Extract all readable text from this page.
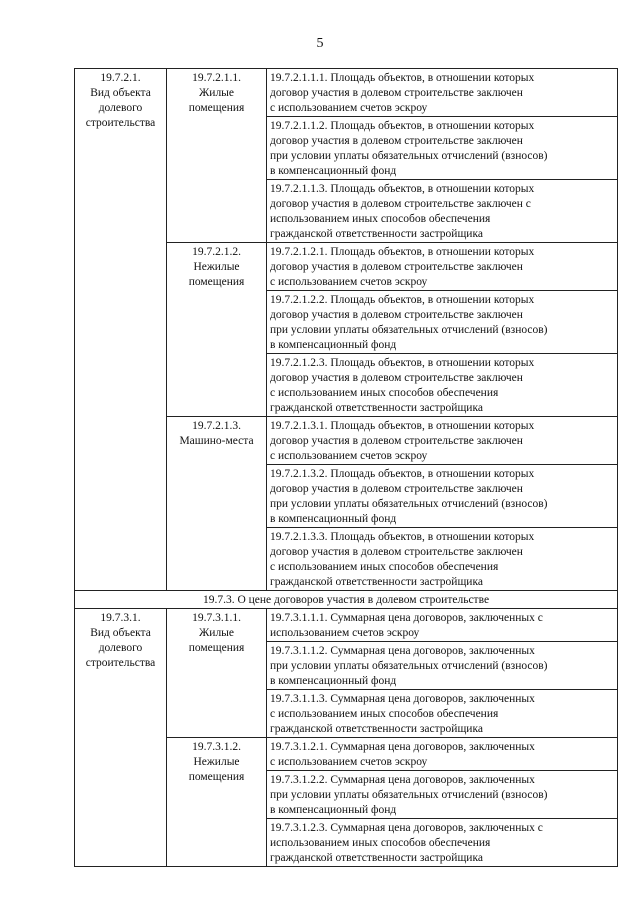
5
19.7.2.1.
Вид объекта
долевого
строительства	19.7.2.1.1.
Жилые
помещения	19.7.2.1.1.1. Площадь объектов, в отношении которых
договор участия в долевом строительстве заключен
с использованием счетов эскроу

		19.7.2.1.1.2. Площадь объектов, в отношении которых
договор участия в долевом строительстве заключен
при условии уплаты обязательных отчислений (взносов)
в компенсационный фонд

		19.7.2.1.1.3. Площадь объектов, в отношении которых
договор участия в долевом строительстве заключен с
использованием иных способов обеспечения
гражданской ответственности застройщика

	19.7.2.1.2.
Нежилые
помещения	19.7.2.1.2.1. Площадь объектов, в отношении которых
договор участия в долевом строительстве заключен
с использованием счетов эскроу

		19.7.2.1.2.2. Площадь объектов, в отношении которых
договор участия в долевом строительстве заключен
при условии уплаты обязательных отчислений (взносов)
в компенсационный фонд

		19.7.2.1.2.3. Площадь объектов, в отношении которых
договор участия в долевом строительстве заключен
с использованием иных способов обеспечения
гражданской ответственности застройщика

	19.7.2.1.3.
Машино-места	19.7.2.1.3.1. Площадь объектов, в отношении которых
договор участия в долевом строительстве заключен
с использованием счетов эскроу

		19.7.2.1.3.2. Площадь объектов, в отношении которых
договор участия в долевом строительстве заключен
при условии уплаты обязательных отчислений (взносов)
в компенсационный фонд

		19.7.2.1.3.3. Площадь объектов, в отношении которых
договор участия в долевом строительстве заключен
с использованием иных способов обеспечения
гражданской ответственности застройщика

19.7.3. О цене договоров участия в долевом строительстве		

19.7.3.1.
Вид объекта
долевого
строительства	19.7.3.1.1.
Жилые
помещения	19.7.3.1.1.1. Суммарная цена договоров, заключенных с
использованием счетов эскроу

		19.7.3.1.1.2. Суммарная цена договоров, заключенных
при условии уплаты обязательных отчислений (взносов)
в компенсационный фонд

		19.7.3.1.1.3. Суммарная цена договоров, заключенных
с использованием иных способов обеспечения
гражданской ответственности застройщика

	19.7.3.1.2.
Нежилые
помещения	19.7.3.1.2.1. Суммарная цена договоров, заключенных
с использованием счетов эскроу

		19.7.3.1.2.2. Суммарная цена договоров, заключенных
при условии уплаты обязательных отчислений (взносов)
в компенсационный фонд

		19.7.3.1.2.3. Суммарная цена договоров, заключенных с
использованием иных способов обеспечения
гражданской ответственности застройщика
